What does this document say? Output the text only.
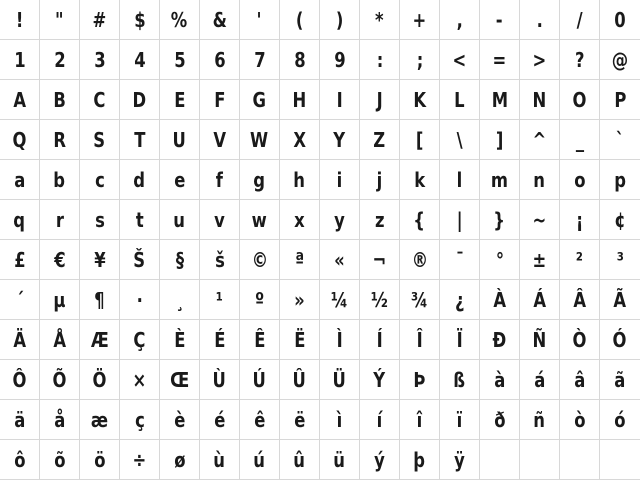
! " # $ % & ' ( ) * + , - . / 0
1 2 3 4 5 6 7 8 9 : ; < = > ? @
A B C D E F G H I J K L M N O P
Q R S T U V W X Y Z [ \ ] ^ _ `
a b c d e f g h i j k l m n o p
q r s t u v w x y z { | } ~ ¡ ¢
£ € ¥ Š § š © ª « ¬ ® ¯ ° ± ² ³
´ µ ¶ · ¸ ¹ º » ¼ ½ ¾ ¿ À Á Â Ã
Ä Å Æ Ç È É Ê Ë Ì Í Î Ï Ð Ñ Ò Ó
Ô Õ Ö × Œ Ù Ú Û Ü Ý Þ ß à á â ã
ä å æ ç è é ê ë ì í î ï ð ñ ò ó
ô õ ö ÷ ø ù ú û ü ý þ ÿ
